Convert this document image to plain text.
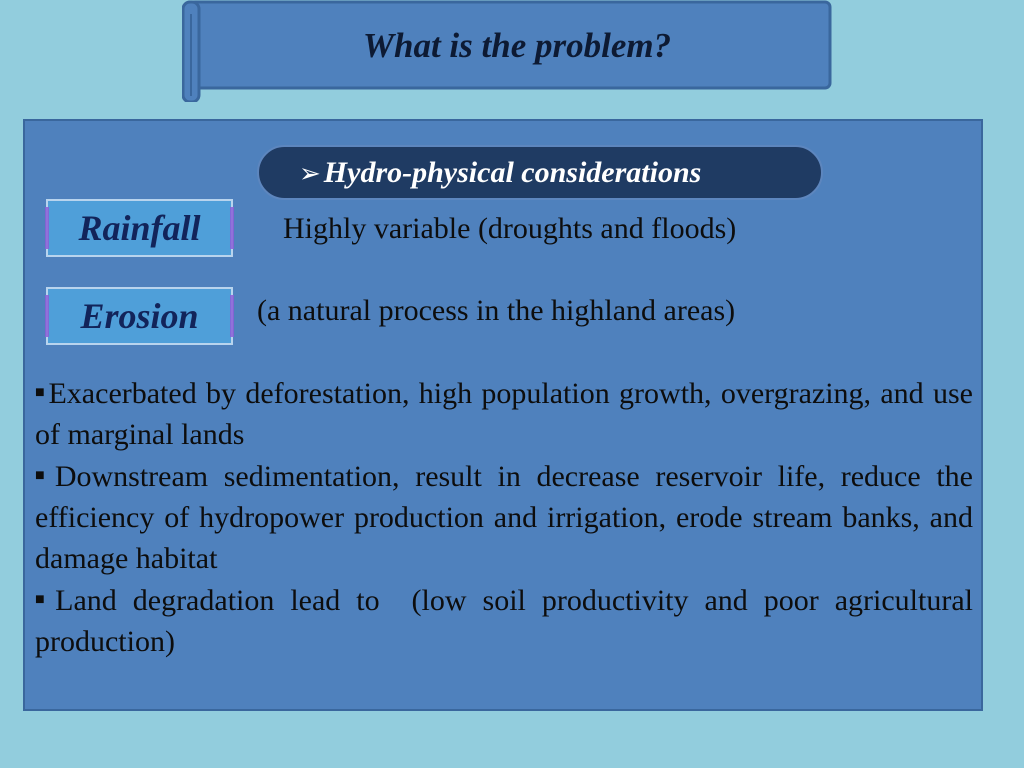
What is the problem?
➢ Hydro-physical considerations
Rainfall	Highly variable (droughts and floods)
Erosion	(a natural process in the highland areas)

■Exacerbated by deforestation, high population growth, overgrazing, and use of marginal lands

■Downstream sedimentation, result in decrease reservoir life, reduce the efficiency of hydropower production and irrigation, erode stream banks, and damage habitat

■Land degradation lead to  (low soil productivity and poor agricultural production)
